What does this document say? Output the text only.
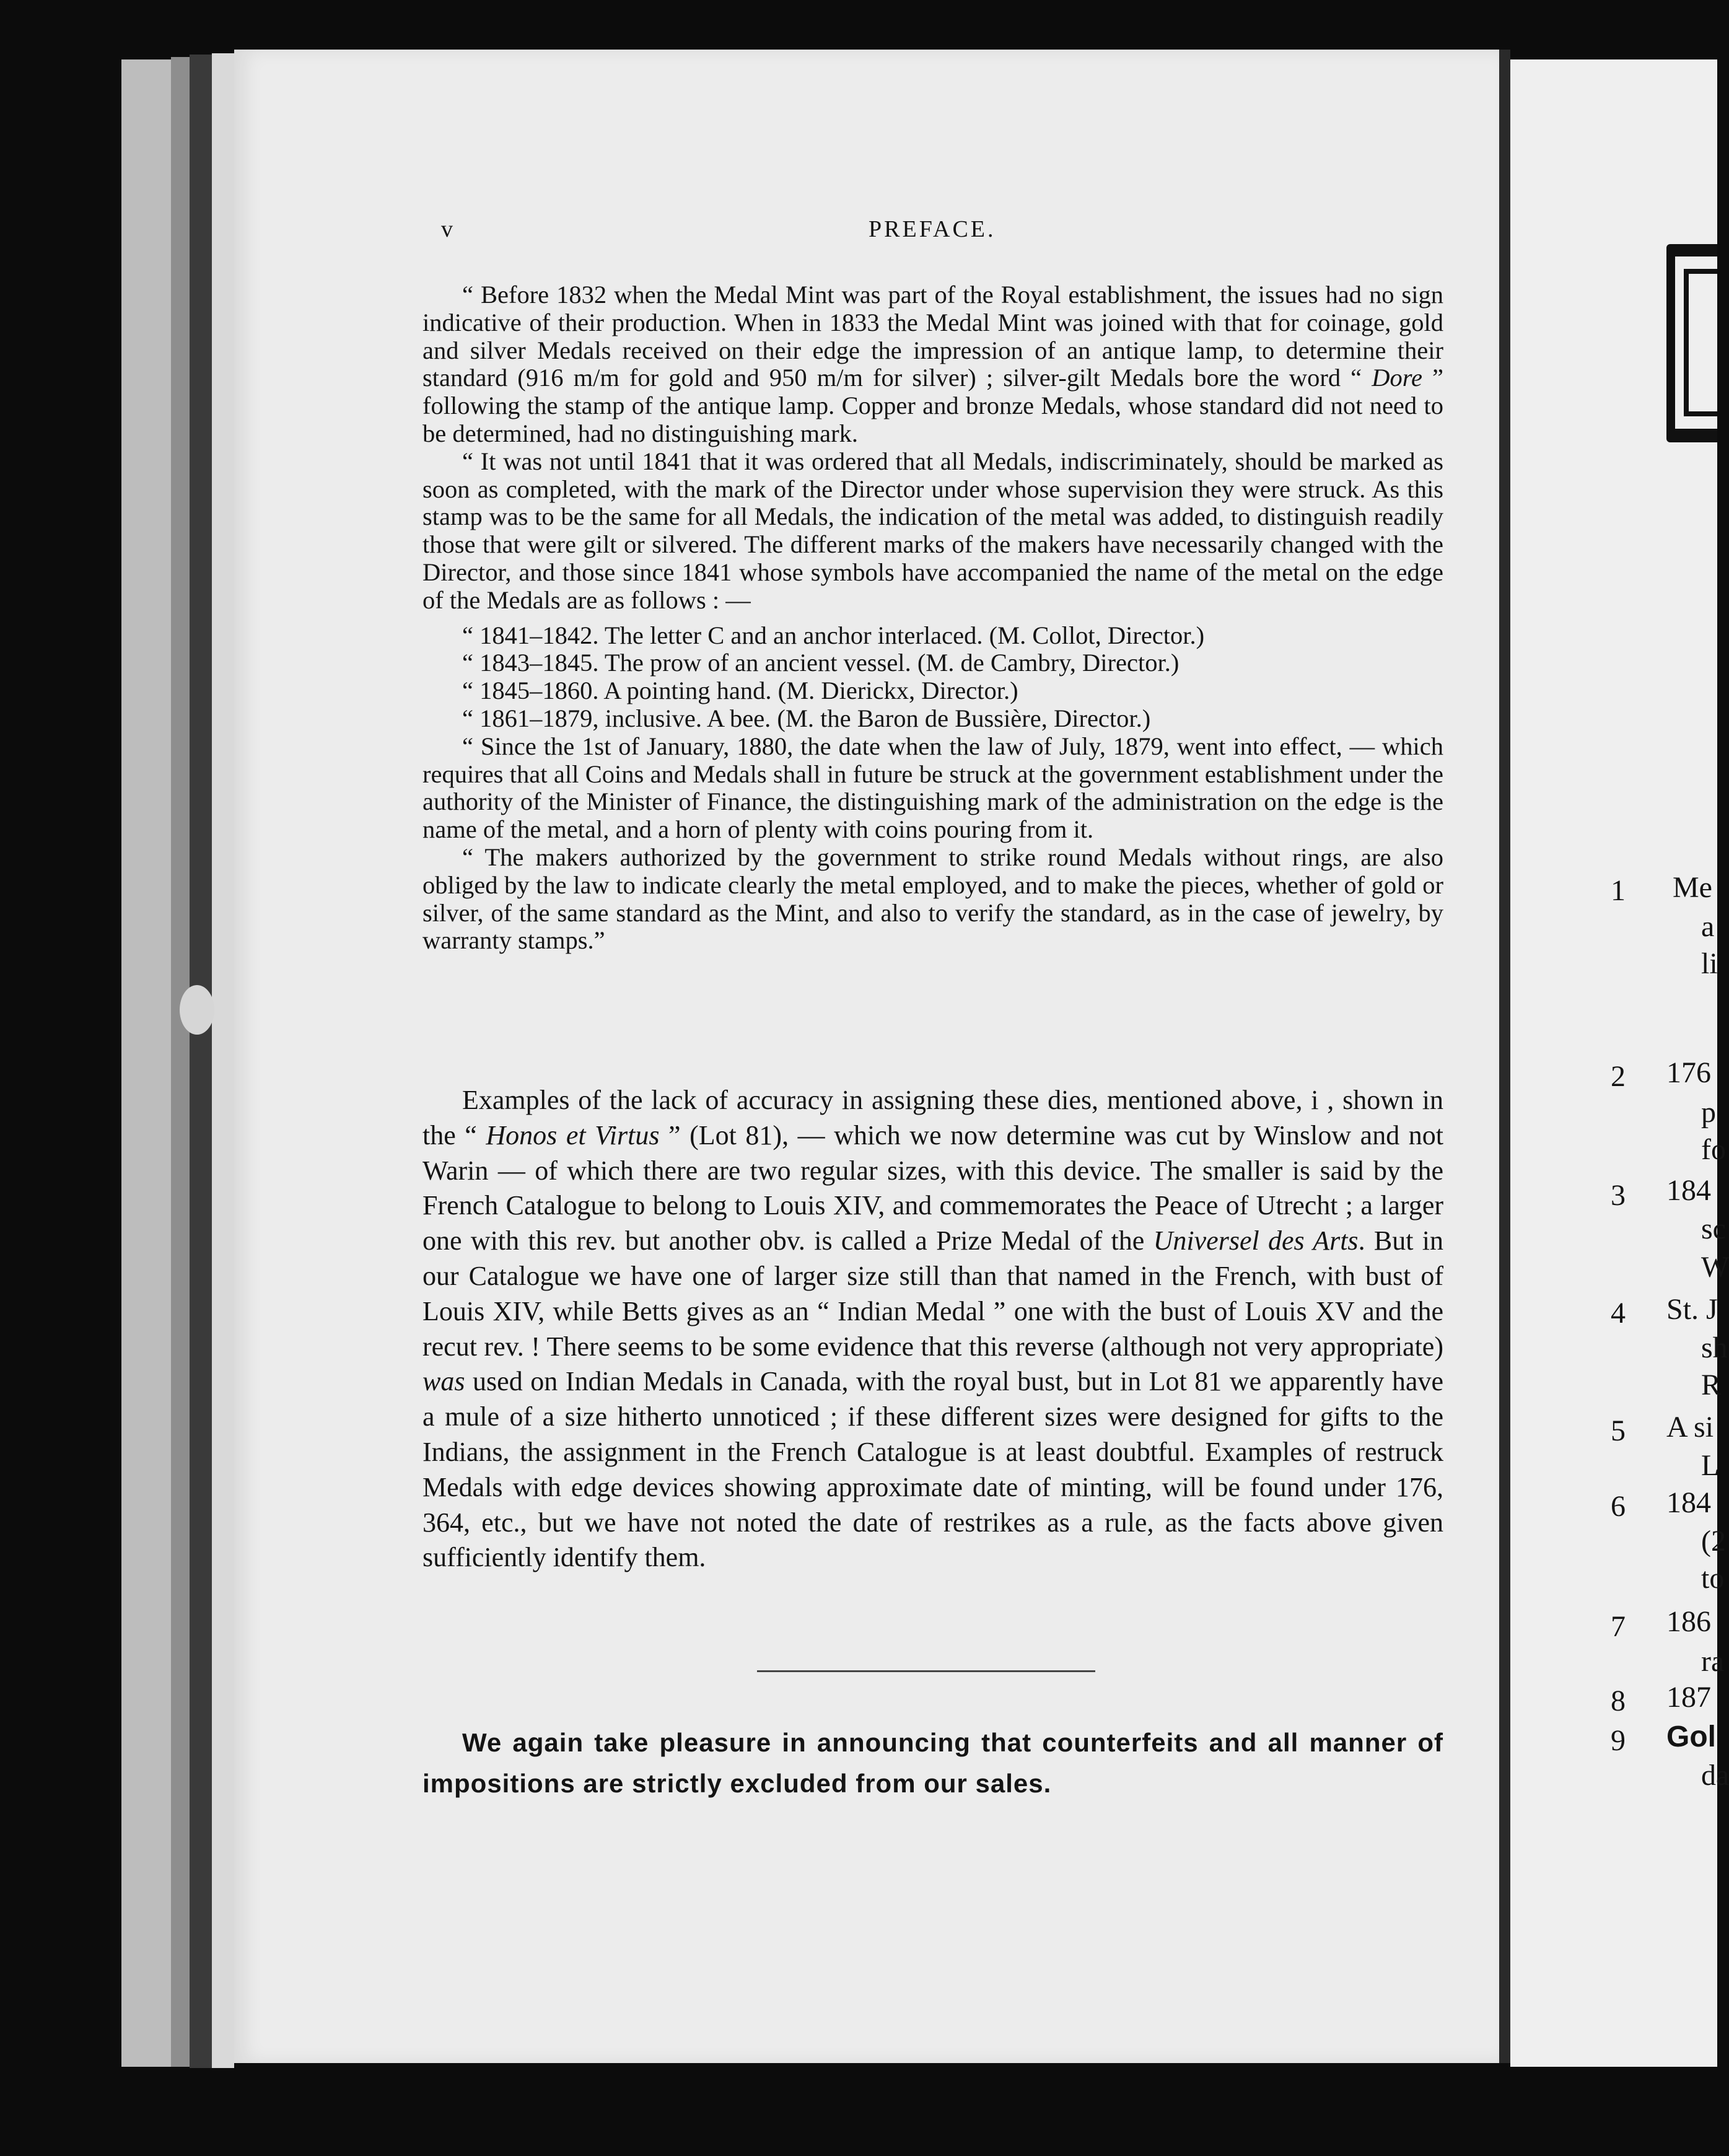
v	PREFACE.

“ Before 1832 when the Medal Mint was part of the Royal establishment, the issues had no sign indicative of their production. When in 1833 the Medal Mint was joined with that for coinage, gold and silver Medals received on their edge the impression of an antique lamp, to determine their standard (916 m/m for gold and 950 m/m for silver) ; silver-gilt Medals bore the word “ Dore ” following the stamp of the antique lamp. Copper and bronze Medals, whose standard did not need to be determined, had no distinguishing mark.

“ It was not until 1841 that it was ordered that all Medals, indiscriminately, should be marked as soon as completed, with the mark of the Director under whose supervision they were struck. As this stamp was to be the same for all Medals, the indication of the metal was added, to distinguish readily those that were gilt or silvered. The different marks of the makers have necessarily changed with the Director, and those since 1841 whose symbols have accompanied the name of the metal on the edge of the Medals are as follows : —

“ 1841–1842. The letter C and an anchor interlaced. (M. Collot, Director.)

“ 1843–1845. The prow of an ancient vessel. (M. de Cambry, Director.)

“ 1845–1860. A pointing hand. (M. Dierickx, Director.)

“ 1861–1879, inclusive. A bee. (M. the Baron de Bussière, Director.)

“ Since the 1st of January, 1880, the date when the law of July, 1879, went into effect, — which requires that all Coins and Medals shall in future be struck at the government establishment under the authority of the Minister of Finance, the distinguishing mark of the administration on the edge is the name of the metal, and a horn of plenty with coins pouring from it.

“ The makers authorized by the government to strike round Medals without rings, are also obliged by the law to indicate clearly the metal employed, and to make the pieces, whether of gold or silver, of the same standard as the Mint, and also to verify the standard, as in the case of jewelry, by warranty stamps.”

Examples of the lack of accuracy in assigning these dies, mentioned above, i , shown in the “ Honos et Virtus ” (Lot 81), — which we now determine was cut by Winslow and not Warin — of which there are two regular sizes, with this device. The smaller is said by the French Catalogue to belong to Louis XIV, and commemorates the Peace of Utrecht ; a larger one with this rev. but another obv. is called a Prize Medal of the Universel des Arts. But in our Catalogue we have one of larger size still than that named in the French, with bust of Louis XIV, while Betts gives as an “ Indian Medal ” one with the bust of Louis XV and the recut rev. ! There seems to be some evidence that this reverse (although not very appropriate) was used on Indian Medals in Canada, with the royal bust, but in Lot 81 we apparently have a mule of a size hitherto unnoticed ; if these different sizes were designed for gifts to the Indians, the assignment in the French Catalogue is at least doubtful. Examples of restruck Medals with edge devices showing approximate date of minting, will be found under 176, 364, etc., but we have not noted the date of restrikes as a rule, as the facts above given sufficiently identify them.

We again take pleasure in announcing that counterfeits and all manner of impositions are strictly excluded from our sales.

1
2
3
4
5
6
7
8
9
Me
a
li
176
p
fo
184
sc
W
St. J
sh
R
A si
L
184
(2
to
186
ra
187
Gol
da
